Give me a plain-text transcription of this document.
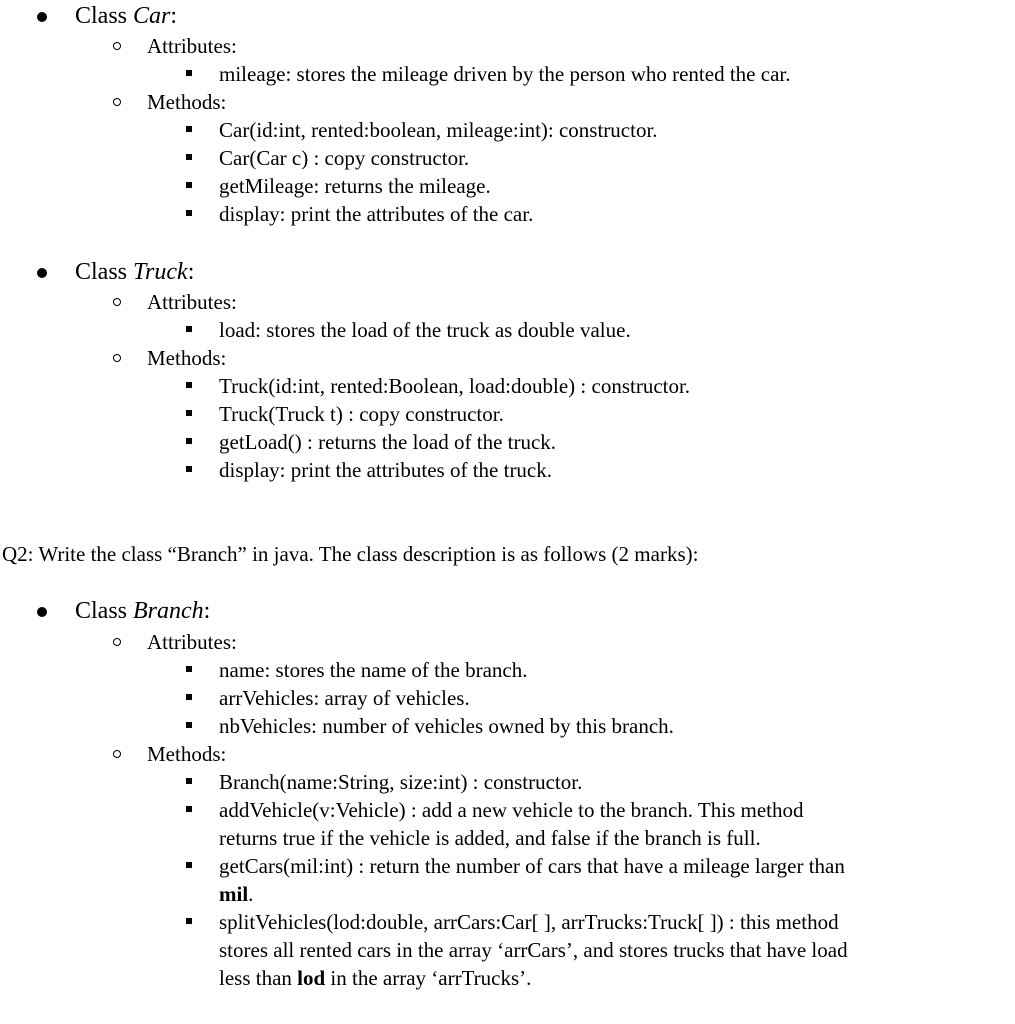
Class Car:
Attributes:
mileage: stores the mileage driven by the person who rented the car.
Methods:
Car(id:int, rented:boolean, mileage:int): constructor.
Car(Car c) : copy constructor.
getMileage: returns the mileage.
display: print the attributes of the car.
Class Truck:
Attributes:
load: stores the load of the truck as double value.
Methods:
Truck(id:int, rented:Boolean, load:double) : constructor.
Truck(Truck t) : copy constructor.
getLoad() : returns the load of the truck.
display: print the attributes of the truck.
Q2: Write the class “Branch” in java. The class description is as follows (2 marks):
Class Branch:
Attributes:
name: stores the name of the branch.
arrVehicles: array of vehicles.
nbVehicles: number of vehicles owned by this branch.
Methods:
Branch(name:String, size:int) : constructor.
addVehicle(v:Vehicle) : add a new vehicle to the branch. This method
returns true if the vehicle is added, and false if the branch is full.
getCars(mil:int) : return the number of cars that have a mileage larger than
mil.
splitVehicles(lod:double, arrCars:Car[ ], arrTrucks:Truck[ ]) : this method
stores all rented cars in the array ‘arrCars’, and stores trucks that have load
less than lod in the array ‘arrTrucks’.
